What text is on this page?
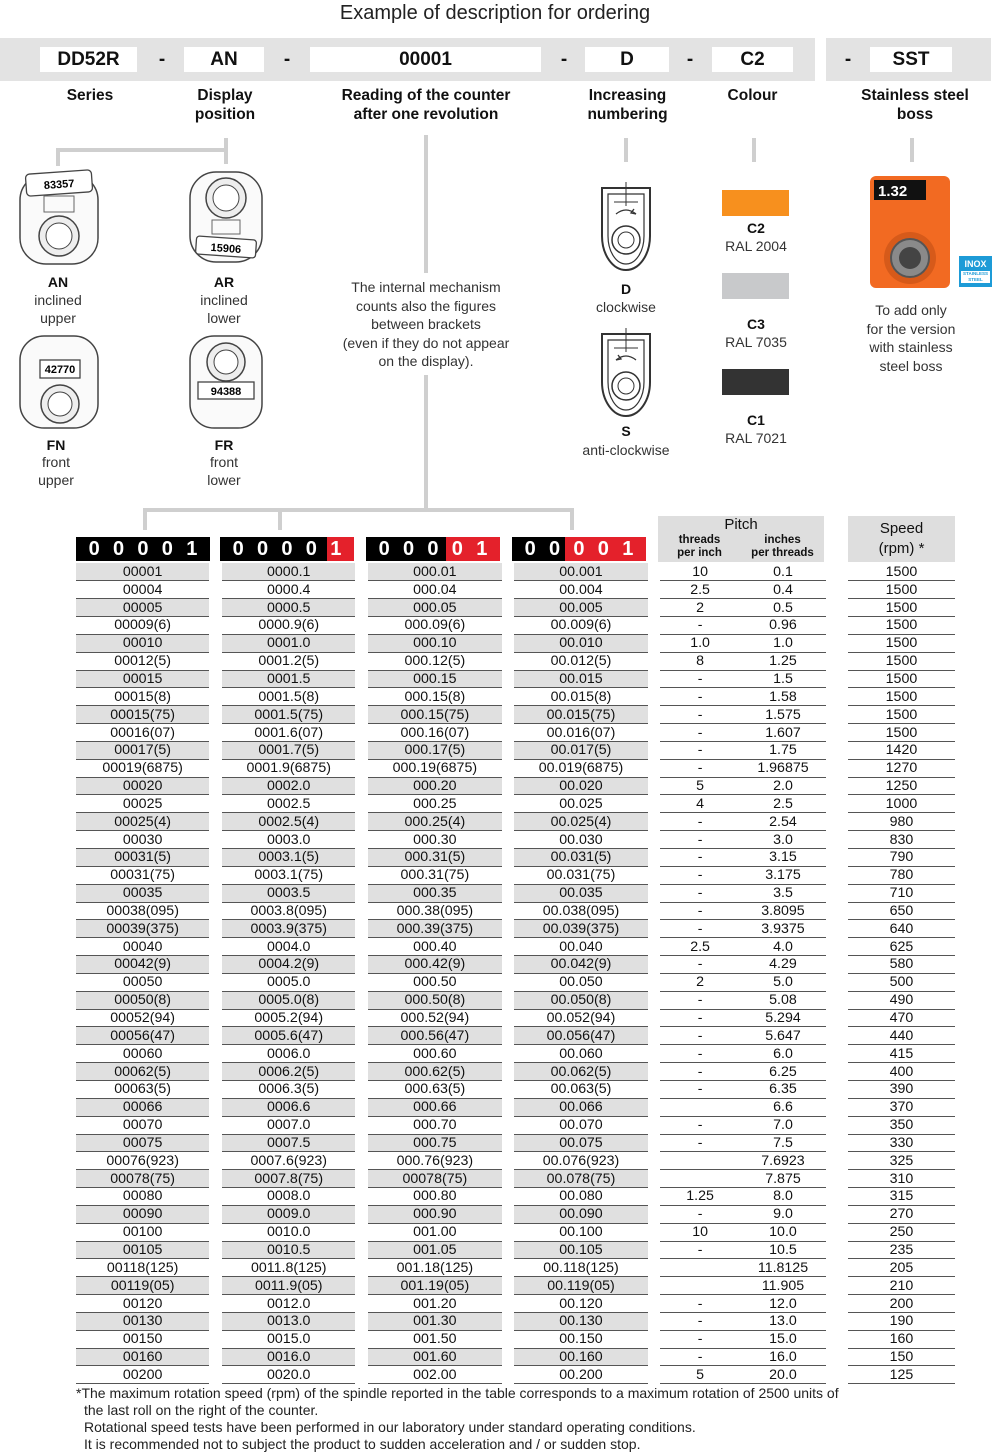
Example of description for ordering
DD52R	-	AN	-	00001	-	D	-	C2	-	SST
Series	Display
position
Reading of the counter
after one revolution
Increasing
numbering
Colour	Stainless steel
boss
83357
15906
42770
94388
AN
inclined
upper
AR
inclined
lower
FN
front
upper
FR
front
lower
The internal mechanism
counts also the figures
between brackets
(even if they do not appear
on the display).
D
clockwise
S
anti-clockwise
C2
RAL 2004
C3
RAL 7035
C1
RAL 7021
1.32
INOX
STAINLESS STEEL
To add only
for the version
with stainless
steel boss
0 0 0 0 1 0 0 0 0 1 0 0 0 0 1 0 0 0 0 1
Pitch
threads
per inch
inches
per threads
Speed
(rpm) *
00001		0000.1		000.01		00.001		10	0.1		1500
00004		0000.4		000.04		00.004		2.5	0.4		1500
00005		0000.5		000.05		00.005		2	0.5		1500
00009(6)		0000.9(6)		000.09(6)		00.009(6)		-	0.96		1500
00010		0001.0		000.10		00.010		1.0	1.0		1500
00012(5)		0001.2(5)		000.12(5)		00.012(5)		8	1.25		1500
00015		0001.5		000.15		00.015		-	1.5		1500
00015(8)		0001.5(8)		000.15(8)		00.015(8)		-	1.58		1500
00015(75)		0001.5(75)		000.15(75)		00.015(75)		-	1.575		1500
00016(07)		0001.6(07)		000.16(07)		00.016(07)		-	1.607		1500
00017(5)		0001.7(5)		000.17(5)		00.017(5)		-	1.75		1420
00019(6875)		0001.9(6875)		000.19(6875)		00.019(6875)		-	1.96875		1270
00020		0002.0		000.20		00.020		5	2.0		1250
00025		0002.5		000.25		00.025		4	2.5		1000
00025(4)		0002.5(4)		000.25(4)		00.025(4)		-	2.54		980
00030		0003.0		000.30		00.030		-	3.0		830
00031(5)		0003.1(5)		000.31(5)		00.031(5)		-	3.15		790
00031(75)		0003.1(75)		000.31(75)		00.031(75)		-	3.175		780
00035		0003.5		000.35		00.035		-	3.5		710
00038(095)		0003.8(095)		000.38(095)		00.038(095)		-	3.8095		650
00039(375)		0003.9(375)		000.39(375)		00.039(375)		-	3.9375		640
00040		0004.0		000.40		00.040		2.5	4.0		625
00042(9)		0004.2(9)		000.42(9)		00.042(9)		-	4.29		580
00050		0005.0		000.50		00.050		2	5.0		500
00050(8)		0005.0(8)		000.50(8)		00.050(8)		-	5.08		490
00052(94)		0005.2(94)		000.52(94)		00.052(94)		-	5.294		470
00056(47)		0005.6(47)		000.56(47)		00.056(47)		-	5.647		440
00060		0006.0		000.60		00.060		-	6.0		415
00062(5)		0006.2(5)		000.62(5)		00.062(5)		-	6.25		400
00063(5)		0006.3(5)		000.63(5)		00.063(5)		-	6.35		390
00066		0006.6		000.66		00.066			6.6		370
00070		0007.0		000.70		00.070		-	7.0		350
00075		0007.5		000.75		00.075		-	7.5		330
00076(923)		0007.6(923)		000.76(923)		00.076(923)			7.6923		325
00078(75)		0007.8(75)		00078(75)		00.078(75)			7.875		310
00080		0008.0		000.80		00.080		1.25	8.0		315
00090		0009.0		000.90		00.090		-	9.0		270
00100		0010.0		001.00		00.100		10	10.0		250
00105		0010.5		001.05		00.105		-	10.5		235
00118(125)		0011.8(125)		001.18(125)		00.118(125)			11.8125		205
00119(05)		0011.9(05)		001.19(05)		00.119(05)			11.905		210
00120		0012.0		001.20		00.120		-	12.0		200
00130		0013.0		001.30		00.130		-	13.0		190
00150		0015.0		001.50		00.150		-	15.0		160
00160		0016.0		001.60		00.160		-	16.0		150
00200		0020.0		002.00		00.200		5	20.0		125
*The maximum rotation speed (rpm) of the spindle reported in the table corresponds to a maximum rotation of 2500 units of
the last roll on the right of the counter.
Rotational speed tests have been performed in our laboratory under standard operating conditions.
It is recommended not to subject the product to sudden acceleration and / or sudden stop.
